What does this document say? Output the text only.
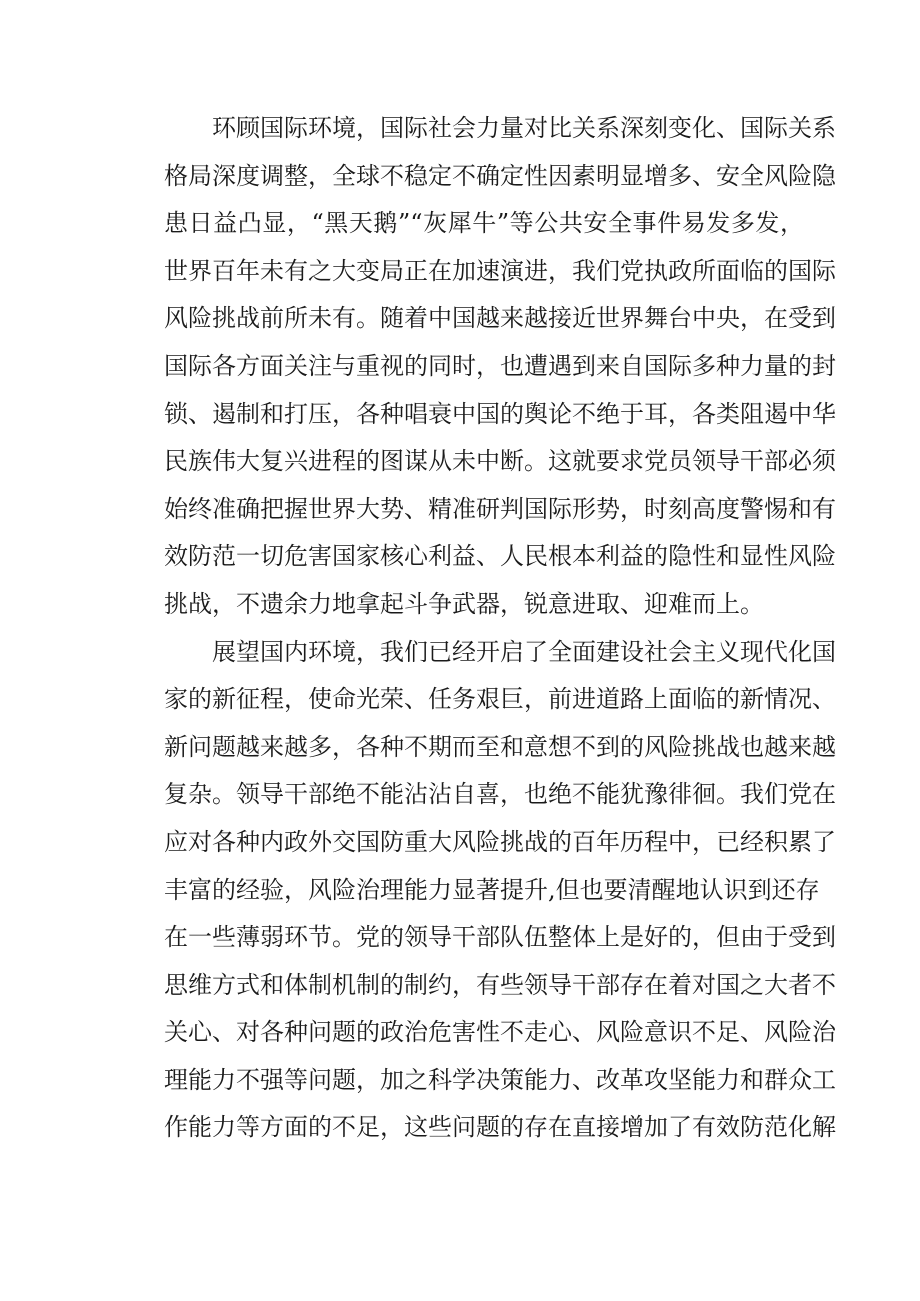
环顾国际环境，国际社会力量对比关系深刻变化、国际关系
格局深度调整，全球不稳定不确定性因素明显增多、安全风险隐
患日益凸显，“黑天鹅”“灰犀牛”等公共安全事件易发多发，
世界百年未有之大变局正在加速演进，我们党执政所面临的国际
风险挑战前所未有。随着中国越来越接近世界舞台中央，在受到
国际各方面关注与重视的同时，也遭遇到来自国际多种力量的封
锁、遏制和打压，各种唱衰中国的舆论不绝于耳，各类阻遏中华
民族伟大复兴进程的图谋从未中断。这就要求党员领导干部必须
始终准确把握世界大势、精准研判国际形势，时刻高度警惕和有
效防范一切危害国家核心利益、人民根本利益的隐性和显性风险
挑战，不遗余力地拿起斗争武器，锐意进取、迎难而上。
展望国内环境，我们已经开启了全面建设社会主义现代化国
家的新征程，使命光荣、任务艰巨，前进道路上面临的新情况、
新问题越来越多，各种不期而至和意想不到的风险挑战也越来越
复杂。领导干部绝不能沾沾自喜，也绝不能犹豫徘徊。我们党在
应对各种内政外交国防重大风险挑战的百年历程中，已经积累了
丰富的经验，风险治理能力显著提升,但也要清醒地认识到还存
在一些薄弱环节。党的领导干部队伍整体上是好的，但由于受到
思维方式和体制机制的制约，有些领导干部存在着对国之大者不
关心、对各种问题的政治危害性不走心、风险意识不足、风险治
理能力不强等问题，加之科学决策能力、改革攻坚能力和群众工
作能力等方面的不足，这些问题的存在直接增加了有效防范化解
